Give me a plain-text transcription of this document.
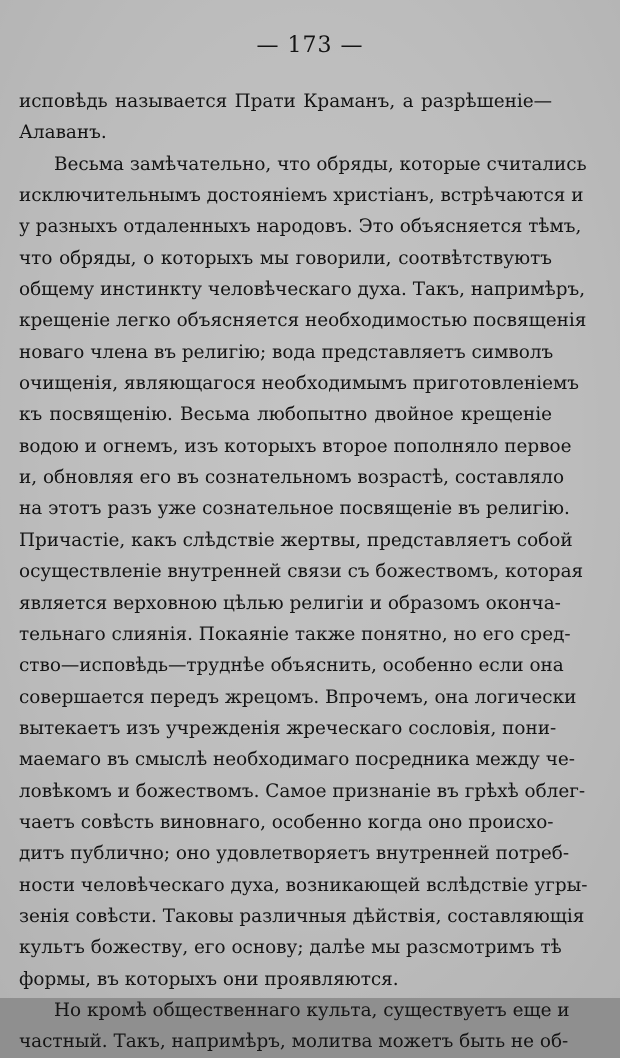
— 173 —
исповѣдь называется Прати Краманъ, а разрѣшеніе—
Алаванъ.
Весьма замѣчательно, что обряды, которые считались
исключительнымъ достояніемъ христіанъ, встрѣчаются и
у разныхъ отдаленныхъ народовъ. Это объясняется тѣмъ,
что обряды, о которыхъ мы говорили, соотвѣтствуютъ
общему инстинкту человѣческаго духа. Такъ, напримѣръ,
крещеніе легко объясняется необходимостью посвященія
новаго члена въ религію; вода представляетъ символъ
очищенія, являющагося необходимымъ приготовленіемъ
къ посвященію. Весьма любопытно двойное крещеніе
водою и огнемъ, изъ которыхъ второе пополняло первое
и, обновляя его въ сознательномъ возрастѣ, составляло
на этотъ разъ уже сознательное посвященіе въ религію.
Причастіе, какъ слѣдствіе жертвы, представляетъ собой
осуществленіе внутренней связи съ божествомъ, которая
является верховною цѣлью религіи и образомъ оконча-
тельнаго слиянія. Покаяніе также понятно, но его сред-
ство—исповѣдь—труднѣе объяснить, особенно если она
совершается передъ жрецомъ. Впрочемъ, она логически
вытекаетъ изъ учрежденія жреческаго сословія, пони-
маемаго въ смыслѣ необходимаго посредника между че-
ловѣкомъ и божествомъ. Самое признаніе въ грѣхѣ облег-
чаетъ совѣсть виновнаго, особенно когда оно происхо-
дитъ публично; оно удовлетворяетъ внутренней потреб-
ности человѣческаго духа, возникающей вслѣдствіе угры-
зенія совѣсти. Таковы различныя дѣйствія, составляющія
культъ божеству, его основу; далѣе мы разсмотримъ тѣ
формы, въ которыхъ они проявляются.
Но кромѣ общественнаго культа, существуетъ еще и
частный. Такъ, напримѣръ, молитва можетъ быть не об-
